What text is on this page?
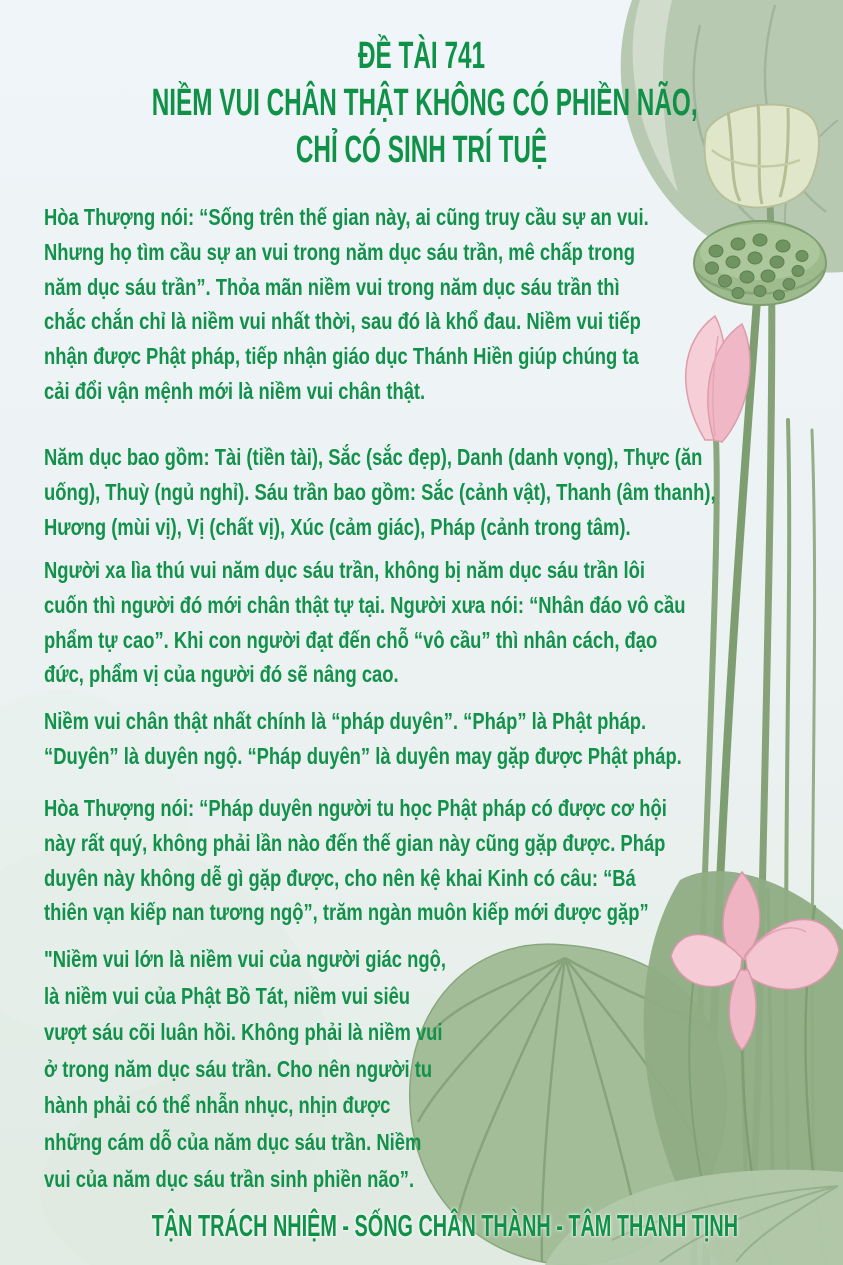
ĐỀ TÀI 741
NIỀM VUI CHÂN THẬT KHÔNG CÓ PHIỀN NÃO,
CHỈ CÓ SINH TRÍ TUỆ
Hòa Thượng nói: “Sống trên thế gian này, ai cũng truy cầu sự an vui.
Nhưng họ tìm cầu sự an vui trong năm dục sáu trần, mê chấp trong
năm dục sáu trần”. Thỏa mãn niềm vui trong năm dục sáu trần thì
chắc chắn chỉ là niềm vui nhất thời, sau đó là khổ đau. Niềm vui tiếp
nhận được Phật pháp, tiếp nhận giáo dục Thánh Hiền giúp chúng ta
cải đổi vận mệnh mới là niềm vui chân thật.
Năm dục bao gồm: Tài (tiền tài), Sắc (sắc đẹp), Danh (danh vọng), Thực (ăn
uống), Thuỳ (ngủ nghỉ). Sáu trần bao gồm: Sắc (cảnh vật), Thanh (âm thanh),
Hương (mùi vị), Vị (chất vị), Xúc (cảm giác), Pháp (cảnh trong tâm).
Người xa lìa thú vui năm dục sáu trần, không bị năm dục sáu trần lôi
cuốn thì người đó mới chân thật tự tại. Người xưa nói: “Nhân đáo vô cầu
phẩm tự cao”. Khi con người đạt đến chỗ “vô cầu” thì nhân cách, đạo
đức, phẩm vị của người đó sẽ nâng cao.
Niềm vui chân thật nhất chính là “pháp duyên”. “Pháp” là Phật pháp.
“Duyên” là duyên ngộ. “Pháp duyên” là duyên may gặp được Phật pháp.
Hòa Thượng nói: “Pháp duyên người tu học Phật pháp có được cơ hội
này rất quý, không phải lần nào đến thế gian này cũng gặp được. Pháp
duyên này không dễ gì gặp được, cho nên kệ khai Kinh có câu: “Bá
thiên vạn kiếp nan tương ngộ”, trăm ngàn muôn kiếp mới được gặp”
"Niềm vui lớn là niềm vui của người giác ngộ,
là niềm vui của Phật Bồ Tát, niềm vui siêu
vượt sáu cõi luân hồi. Không phải là niềm vui
ở trong năm dục sáu trần. Cho nên người tu
hành phải có thể nhẫn nhục, nhịn được
những cám dỗ của năm dục sáu trần. Niềm
vui của năm dục sáu trần sinh phiền não”.
TẬN TRÁCH NHIỆM - SỐNG CHÂN THÀNH - TÂM THANH TỊNH
